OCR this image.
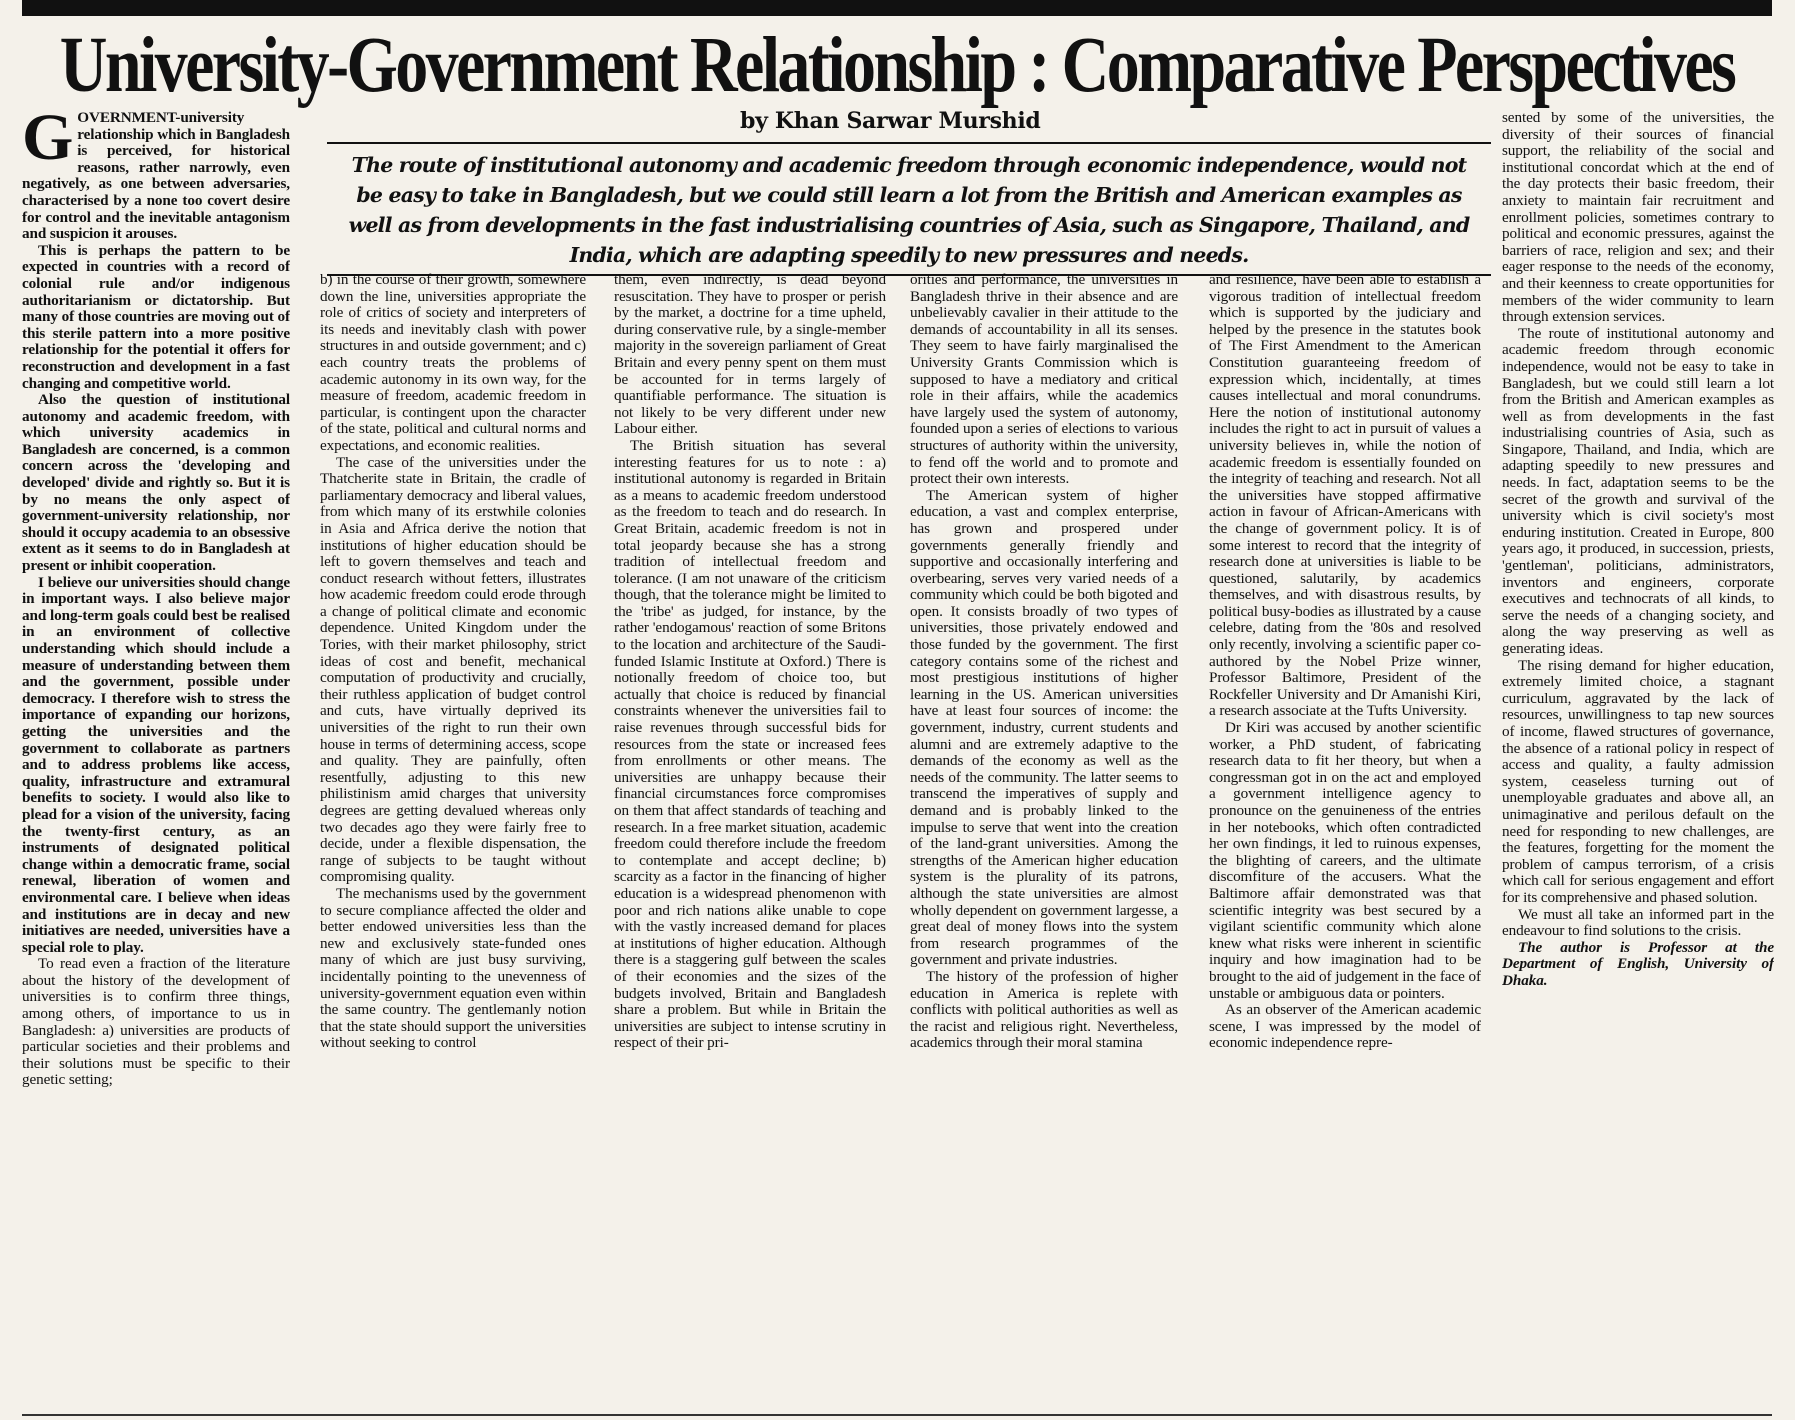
University-Government Relationship : Comparative Perspectives
by Khan Sarwar Murshid
The route of institutional autonomy and academic freedom through economic independence, would not be easy to take in Bangladesh, but we could still learn a lot from the British and American examples as well as from developments in the fast industrialising countries of Asia, such as Singapore, Thailand, and India, which are adapting speedily to new pressures and needs.
G OVERNMENT-university relationship which in Bangladesh is perceived, for historical reasons, rather narrowly, even negatively, as one between adversaries, characterised by a none too covert desire for control and the inevitable antagonism and suspicion it arouses.

This is perhaps the pattern to be expected in countries with a record of colonial rule and/or indigenous authoritarianism or dictatorship. But many of those countries are moving out of this sterile pattern into a more positive relationship for the potential it offers for reconstruction and development in a fast changing and competitive world.

Also the question of institutional autonomy and academic freedom, with which university academics in Bangladesh are concerned, is a common concern across the 'developing and developed' divide and rightly so. But it is by no means the only aspect of government-university relationship, nor should it occupy academia to an obsessive extent as it seems to do in Bangladesh at present or inhibit cooperation.

I believe our universities should change in important ways. I also believe major and long-term goals could best be realised in an environment of collective understanding which should include a measure of understanding between them and the government, possible under democracy. I therefore wish to stress the importance of expanding our horizons, getting the universities and the government to collaborate as partners and to address problems like access, quality, infrastructure and extramural benefits to society. I would also like to plead for a vision of the university, facing the twenty-first century, as an instruments of designated political change within a democratic frame, social renewal, liberation of women and environmental care. I believe when ideas and institutions are in decay and new initiatives are needed, universities have a special role to play.

To read even a fraction of the literature about the history of the development of universities is to confirm three things, among others, of importance to us in Bangladesh: a) universities are products of particular societies and their problems and their solutions must be specific to their genetic setting;

b) in the course of their growth, somewhere down the line, universities appropriate the role of critics of society and interpreters of its needs and inevitably clash with power structures in and outside government; and c) each country treats the problems of academic autonomy in its own way, for the measure of freedom, academic freedom in particular, is contingent upon the character of the state, political and cultural norms and expectations, and economic realities.

The case of the universities under the Thatcherite state in Britain, the cradle of parliamentary democracy and liberal values, from which many of its erstwhile colonies in Asia and Africa derive the notion that institutions of higher education should be left to govern themselves and teach and conduct research without fetters, illustrates how academic freedom could erode through a change of political climate and economic dependence. United Kingdom under the Tories, with their market philosophy, strict ideas of cost and benefit, mechanical computation of productivity and crucially, their ruthless application of budget control and cuts, have virtually deprived its universities of the right to run their own house in terms of determining access, scope and quality. They are painfully, often resentfully, adjusting to this new philistinism amid charges that university degrees are getting devalued whereas only two decades ago they were fairly free to decide, under a flexible dispensation, the range of subjects to be taught without compromising quality.

The mechanisms used by the government to secure compliance affected the older and better endowed universities less than the new and exclusively state-funded ones many of which are just busy surviving, incidentally pointing to the unevenness of university-government equation even within the same country. The gentlemanly notion that the state should support the universities without seeking to control

them, even indirectly, is dead beyond resuscitation. They have to prosper or perish by the market, a doctrine for a time upheld, during conservative rule, by a single-member majority in the sovereign parliament of Great Britain and every penny spent on them must be accounted for in terms largely of quantifiable performance. The situation is not likely to be very different under new Labour either.

The British situation has several interesting features for us to note : a) institutional autonomy is regarded in Britain as a means to academic freedom understood as the freedom to teach and do research. In Great Britain, academic freedom is not in total jeopardy because she has a strong tradition of intellectual freedom and tolerance. (I am not unaware of the criticism though, that the tolerance might be limited to the 'tribe' as judged, for instance, by the rather 'endogamous' reaction of some Britons to the location and architecture of the Saudi-funded Islamic Institute at Oxford.) There is notionally freedom of choice too, but actually that choice is reduced by financial constraints whenever the universities fail to raise revenues through successful bids for resources from the state or increased fees from enrollments or other means. The universities are unhappy because their financial circumstances force compromises on them that affect standards of teaching and research. In a free market situation, academic freedom could therefore include the freedom to contemplate and accept decline; b) scarcity as a factor in the financing of higher education is a widespread phenomenon with poor and rich nations alike unable to cope with the vastly increased demand for places at institutions of higher education. Although there is a staggering gulf between the scales of their economies and the sizes of the budgets involved, Britain and Bangladesh share a problem. But while in Britain the universities are subject to intense scrutiny in respect of their pri-

orities and performance, the universities in Bangladesh thrive in their absence and are unbelievably cavalier in their attitude to the demands of accountability in all its senses. They seem to have fairly marginalised the University Grants Commission which is supposed to have a mediatory and critical role in their affairs, while the academics have largely used the system of autonomy, founded upon a series of elections to various structures of authority within the university, to fend off the world and to promote and protect their own interests.

The American system of higher education, a vast and complex enterprise, has grown and prospered under governments generally friendly and supportive and occasionally interfering and overbearing, serves very varied needs of a community which could be both bigoted and open. It consists broadly of two types of universities, those privately endowed and those funded by the government. The first category contains some of the richest and most prestigious institutions of higher learning in the US. American universities have at least four sources of income: the government, industry, current students and alumni and are extremely adaptive to the demands of the economy as well as the needs of the community. The latter seems to transcend the imperatives of supply and demand and is probably linked to the impulse to serve that went into the creation of the land-grant universities. Among the strengths of the American higher education system is the plurality of its patrons, although the state universities are almost wholly dependent on government largesse, a great deal of money flows into the system from research programmes of the government and private industries.

The history of the profession of higher education in America is replete with conflicts with political authorities as well as the racist and religious right. Nevertheless, academics through their moral stamina

and resilience, have been able to establish a vigorous tradition of intellectual freedom which is supported by the judiciary and helped by the presence in the statutes book of The First Amendment to the American Constitution guaranteeing freedom of expression which, incidentally, at times causes intellectual and moral conundrums. Here the notion of institutional autonomy includes the right to act in pursuit of values a university believes in, while the notion of academic freedom is essentially founded on the integrity of teaching and research. Not all the universities have stopped affirmative action in favour of African-Americans with the change of government policy. It is of some interest to record that the integrity of research done at universities is liable to be questioned, salutarily, by academics themselves, and with disastrous results, by political busy-bodies as illustrated by a cause celebre, dating from the '80s and resolved only recently, involving a scientific paper co-authored by the Nobel Prize winner, Professor Baltimore, President of the Rockfeller University and Dr Amanishi Kiri, a research associate at the Tufts University.

Dr Kiri was accused by another scientific worker, a PhD student, of fabricating research data to fit her theory, but when a congressman got in on the act and employed a government intelligence agency to pronounce on the genuineness of the entries in her notebooks, which often contradicted her own findings, it led to ruinous expenses, the blighting of careers, and the ultimate discomfiture of the accusers. What the Baltimore affair demonstrated was that scientific integrity was best secured by a vigilant scientific community which alone knew what risks were inherent in scientific inquiry and how imagination had to be brought to the aid of judgement in the face of unstable or ambiguous data or pointers.

As an observer of the American academic scene, I was impressed by the model of economic independence repre-

sented by some of the universities, the diversity of their sources of financial support, the reliability of the social and institutional concordat which at the end of the day protects their basic freedom, their anxiety to maintain fair recruitment and enrollment policies, sometimes contrary to political and economic pressures, against the barriers of race, religion and sex; and their eager response to the needs of the economy, and their keenness to create opportunities for members of the wider community to learn through extension services.

The route of institutional autonomy and academic freedom through economic independence, would not be easy to take in Bangladesh, but we could still learn a lot from the British and American examples as well as from developments in the fast industrialising countries of Asia, such as Singapore, Thailand, and India, which are adapting speedily to new pressures and needs. In fact, adaptation seems to be the secret of the growth and survival of the university which is civil society's most enduring institution. Created in Europe, 800 years ago, it produced, in succession, priests, 'gentleman', politicians, administrators, inventors and engineers, corporate executives and technocrats of all kinds, to serve the needs of a changing society, and along the way preserving as well as generating ideas.

The rising demand for higher education, extremely limited choice, a stagnant curriculum, aggravated by the lack of resources, unwillingness to tap new sources of income, flawed structures of governance, the absence of a rational policy in respect of access and quality, a faulty admission system, ceaseless turning out of unemployable graduates and above all, an unimaginative and perilous default on the need for responding to new challenges, are the features, forgetting for the moment the problem of campus terrorism, of a crisis which call for serious engagement and effort for its comprehensive and phased solution.

We must all take an informed part in the endeavour to find solutions to the crisis.

The author is Professor at the Department of English, University of Dhaka.
